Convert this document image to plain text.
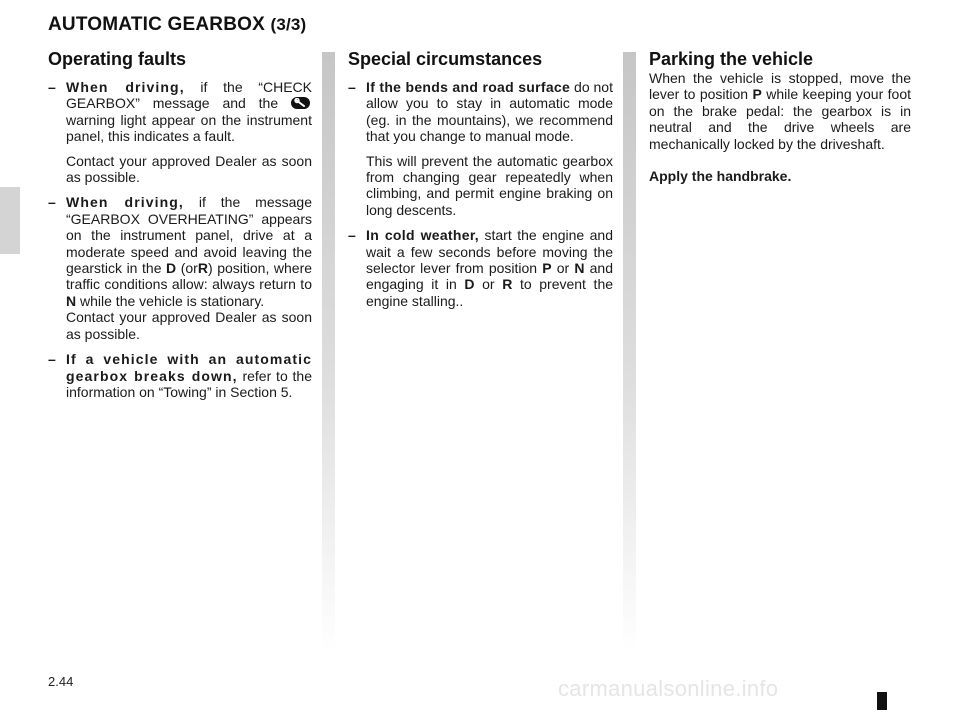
AUTOMATIC GEARBOX (3/3)
Operating faults
– When driving, if the “CHECK GEARBOX” message and the
warning light appear on the instrument panel, this indicates a fault.

Contact your approved Dealer as soon as possible.

– When driving, if the message “GEARBOX OVERHEATING” appears on the instrument panel, drive at a moderate speed and avoid leaving the gearstick in the D (orR) position, where traffic conditions allow: always return to N while the vehicle is stationary.
Contact your approved Dealer as soon as possible.

– If a vehicle with an automatic gearbox breaks down, refer to the information on “Towing” in Section 5.

Special circumstances
– If the bends and road surface do not allow you to stay in automatic mode (eg. in the mountains), we recommend that you change to manual mode.

This will prevent the automatic gearbox from changing gear repeatedly when climbing, and permit engine braking on long descents.

– In cold weather, start the engine and wait a few seconds before moving the selector lever from position P or N and engaging it in D or R to prevent the engine stalling..

Parking the vehicle

When the vehicle is stopped, move the lever to position P while keeping your foot on the brake pedal: the gearbox is in neutral and the drive wheels are mechanically locked by the driveshaft.

Apply the handbrake.

2.44	carmanualsonline.info
